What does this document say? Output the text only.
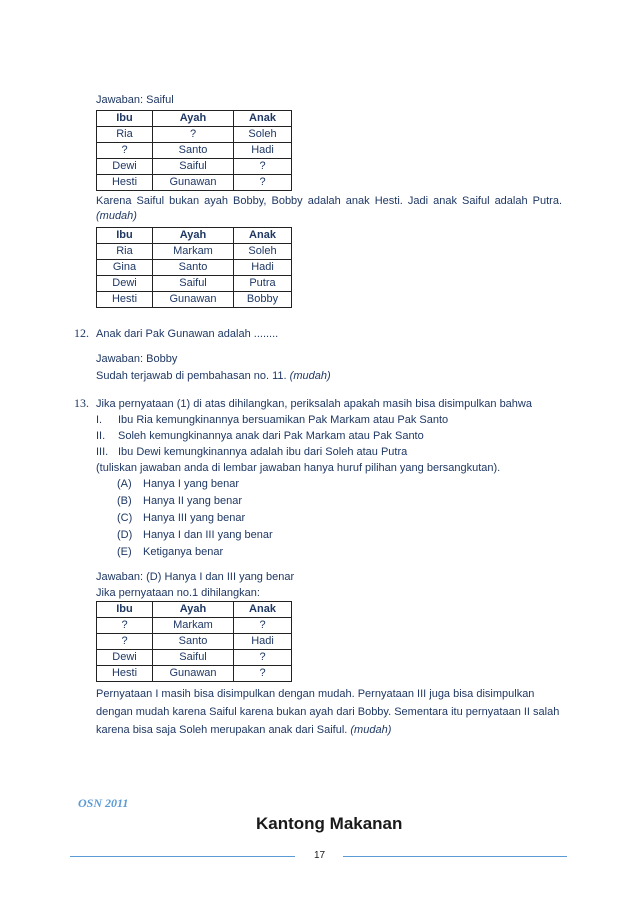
Jawaban: Saiful
Ibu	Ayah	Anak
Ria	?	Soleh
?	Santo	Hadi
Dewi	Saiful	?
Hesti	Gunawan	?
Karena Saiful bukan ayah Bobby, Bobby adalah anak Hesti. Jadi anak Saiful adalah Putra.
(mudah)
Ibu	Ayah	Anak
Ria	Markam	Soleh
Gina	Santo	Hadi
Dewi	Saiful	Putra
Hesti	Gunawan	Bobby
12. Anak dari Pak Gunawan adalah ........
Jawaban: Bobby
Sudah terjawab di pembahasan no. 11. (mudah)
13. Jika pernyataan (1) di atas dihilangkan, periksalah apakah masih bisa disimpulkan bahwa
I. Ibu Ria kemungkinannya bersuamikan Pak Markam atau Pak Santo
II. Soleh kemungkinannya anak dari Pak Markam atau Pak Santo
III. Ibu Dewi kemungkinannya adalah ibu dari Soleh atau Putra
(tuliskan jawaban anda di lembar jawaban hanya huruf pilihan yang bersangkutan).
(A) Hanya I yang benar
(B) Hanya II yang benar
(C) Hanya III yang benar
(D) Hanya I dan III yang benar
(E) Ketiganya benar
Jawaban: (D) Hanya I dan III yang benar
Jika pernyataan no.1 dihilangkan:
Ibu	Ayah	Anak
?	Markam	?
?	Santo	Hadi
Dewi	Saiful	?
Hesti	Gunawan	?
Pernyataan I masih bisa disimpulkan dengan mudah. Pernyataan III juga bisa disimpulkan dengan mudah karena Saiful karena bukan ayah dari Bobby. Sementara itu pernyataan II salah karena bisa saja Soleh merupakan anak dari Saiful. (mudah)
OSN 2011
Kantong Makanan
17
